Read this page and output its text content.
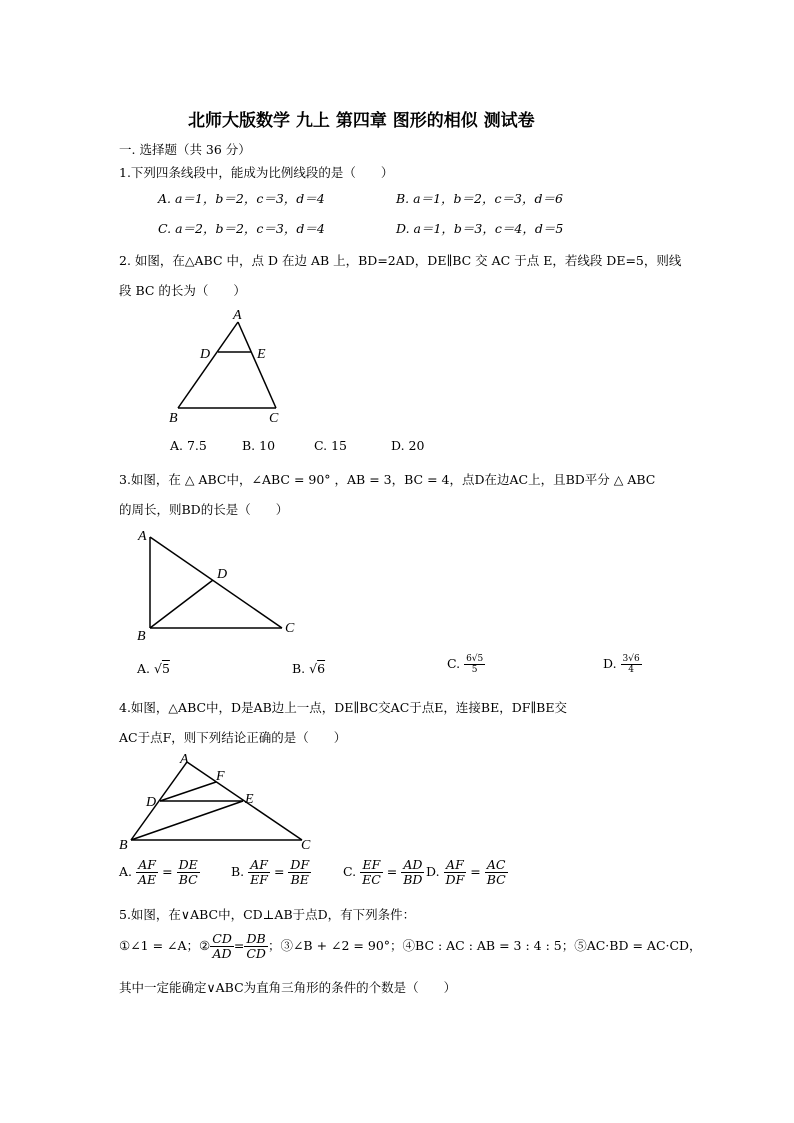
北师大版数学 九上 第四章 图形的相似 测试卷
一. 选择题（共 36 分）
1.下列四条线段中，能成为比例线段的是（　　）
A. a＝1，b＝2，c＝3，d＝4	B. a＝1，b＝2，c＝3，d＝6
C. a＝2，b＝2，c＝3，d＝4	D. a＝1，b＝3，c＝4，d＝5
2. 如图，在△ABC 中，点 D 在边 AB 上，BD=2AD，DE∥BC 交 AC 于点 E，若线段 DE=5，则线
段 BC 的长为（　　）
A
D	E
B	C
A. 7.5	B. 10	C. 15	D. 20
3.如图，在 △ ABC中，∠ABC = 90° ，AB = 3，BC = 4，点D在边AC上，且BD平分 △ ABC
的周长，则BD的长是（　　）
A
D
B
C
A. √5	B. √6	C. $\frac{6√5}{5}$	D. $\frac{3√6}{4}$
4.如图，△ABC中，D是AB边上一点，DE∥BC交AC于点E，连接BE，DF∥BE交
AC于点F，则下列结论正确的是（　　）
A
F
D	E
B	C
A. $\frac{AF}{AE} = \frac{DE}{BC} B$. $\frac{AF}{EF} = \frac{DF}{BE}$	C. $\frac{EF}{EC} = \frac{AD}{BD} D$. $\frac{AF}{DF} = \frac{AC}{BC}$
5.如图，在∨ABC中，CD⊥AB于点D，有下列条件：
①∠1 = ∠A；② $\frac{CD}{AD} = \frac{DB}{CD}$ ；③∠B + ∠2 = 90°；④BC : AC : AB = 3 : 4 : 5；⑤AC·BD = AC·CD，
其中一定能确定∨ABC为直角三角形的条件的个数是（　　）
